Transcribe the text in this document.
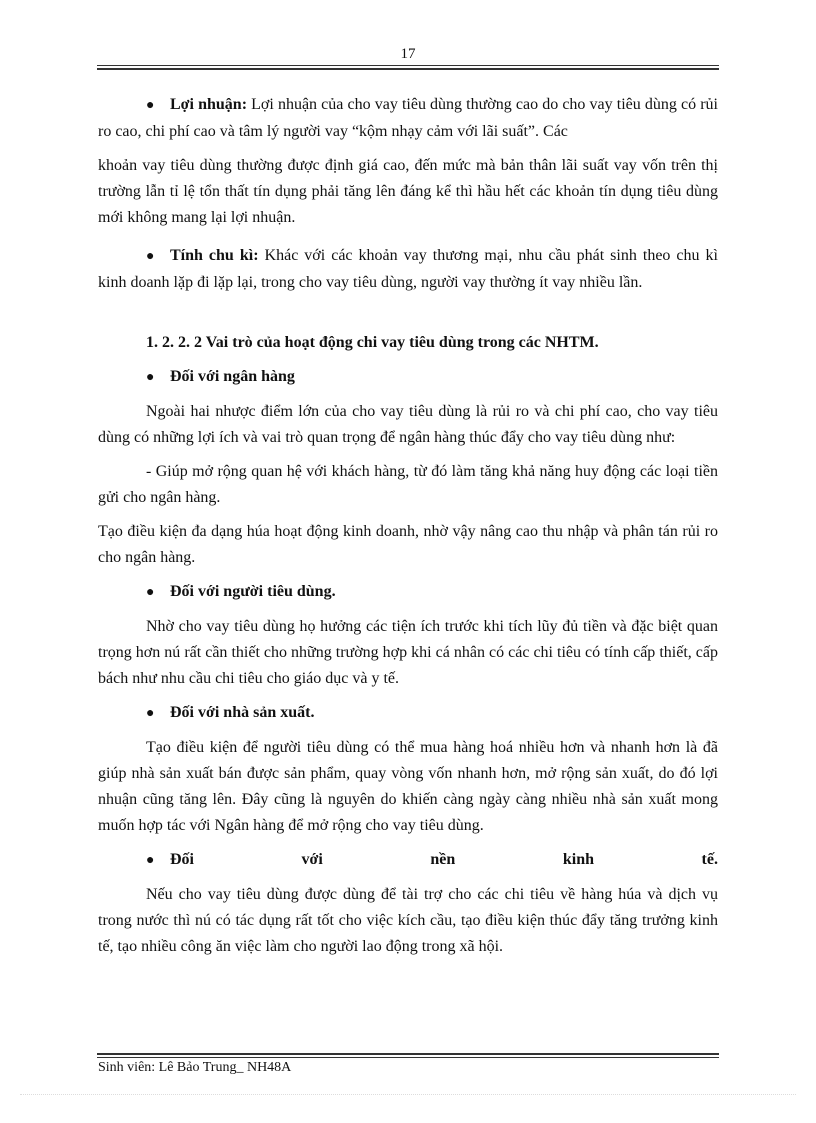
17

● Lợi nhuận: Lợi nhuận của cho vay tiêu dùng thường cao do cho vay tiêu dùng có rủi ro cao, chi phí cao và tâm lý người vay “kộm nhạy cảm với lãi suất”. Các

khoản vay tiêu dùng thường được định giá cao, đến mức mà bản thân lãi suất vay vốn trên thị trường lẫn tỉ lệ tổn thất tín dụng phải tăng lên đáng kể thì hầu hết các khoản tín dụng tiêu dùng mới không mang lại lợi nhuận.

● Tính chu kì: Khác với các khoản vay thương mại, nhu cầu phát sinh theo chu kì kinh doanh lặp đi lặp lại, trong cho vay tiêu dùng, người vay thường ít vay nhiều lần.

1. 2. 2. 2 Vai trò của hoạt động chi vay tiêu dùng trong các NHTM.

● Đối với ngân hàng

Ngoài hai nhược điểm lớn của cho vay tiêu dùng là rủi ro và chi phí cao, cho vay tiêu dùng có những lợi ích và vai trò quan trọng để ngân hàng thúc đẩy cho vay tiêu dùng như:

- Giúp mở rộng quan hệ với khách hàng, từ đó làm tăng khả năng huy động các loại tiền gửi cho ngân hàng.

Tạo điều kiện đa dạng húa hoạt động kinh doanh, nhờ vậy nâng cao thu nhập và phân tán rủi ro cho ngân hàng.

● Đối với người tiêu dùng.

Nhờ cho vay tiêu dùng họ hưởng các tiện ích trước khi tích lũy đủ tiền và đặc biệt quan trọng hơn nú rất cần thiết cho những trường hợp khi cá nhân có các chi tiêu có tính cấp thiết, cấp bách như nhu cầu chi tiêu cho giáo dục và y tế.

● Đối với nhà sản xuất.

Tạo điều kiện để người tiêu dùng có thể mua hàng hoá nhiều hơn và nhanh hơn là đã giúp nhà sản xuất bán được sản phẩm, quay vòng vốn nhanh hơn, mở rộng sản xuất, do đó lợi nhuận cũng tăng lên. Đây cũng là nguyên do khiến càng ngày càng nhiều nhà sản xuất mong muốn hợp tác với Ngân hàng để mở rộng cho vay tiêu dùng.

● Đối	với	nền	kinh	tế.

Nếu cho vay tiêu dùng được dùng để tài trợ cho các chi tiêu về hàng húa và dịch vụ trong nước thì nú có tác dụng rất tốt cho việc kích cầu, tạo điều kiện thúc đẩy tăng trưởng kinh tế, tạo nhiều công ăn việc làm cho người lao động trong xã hội.

Sinh viên: Lê Bảo Trung_ NH48A
